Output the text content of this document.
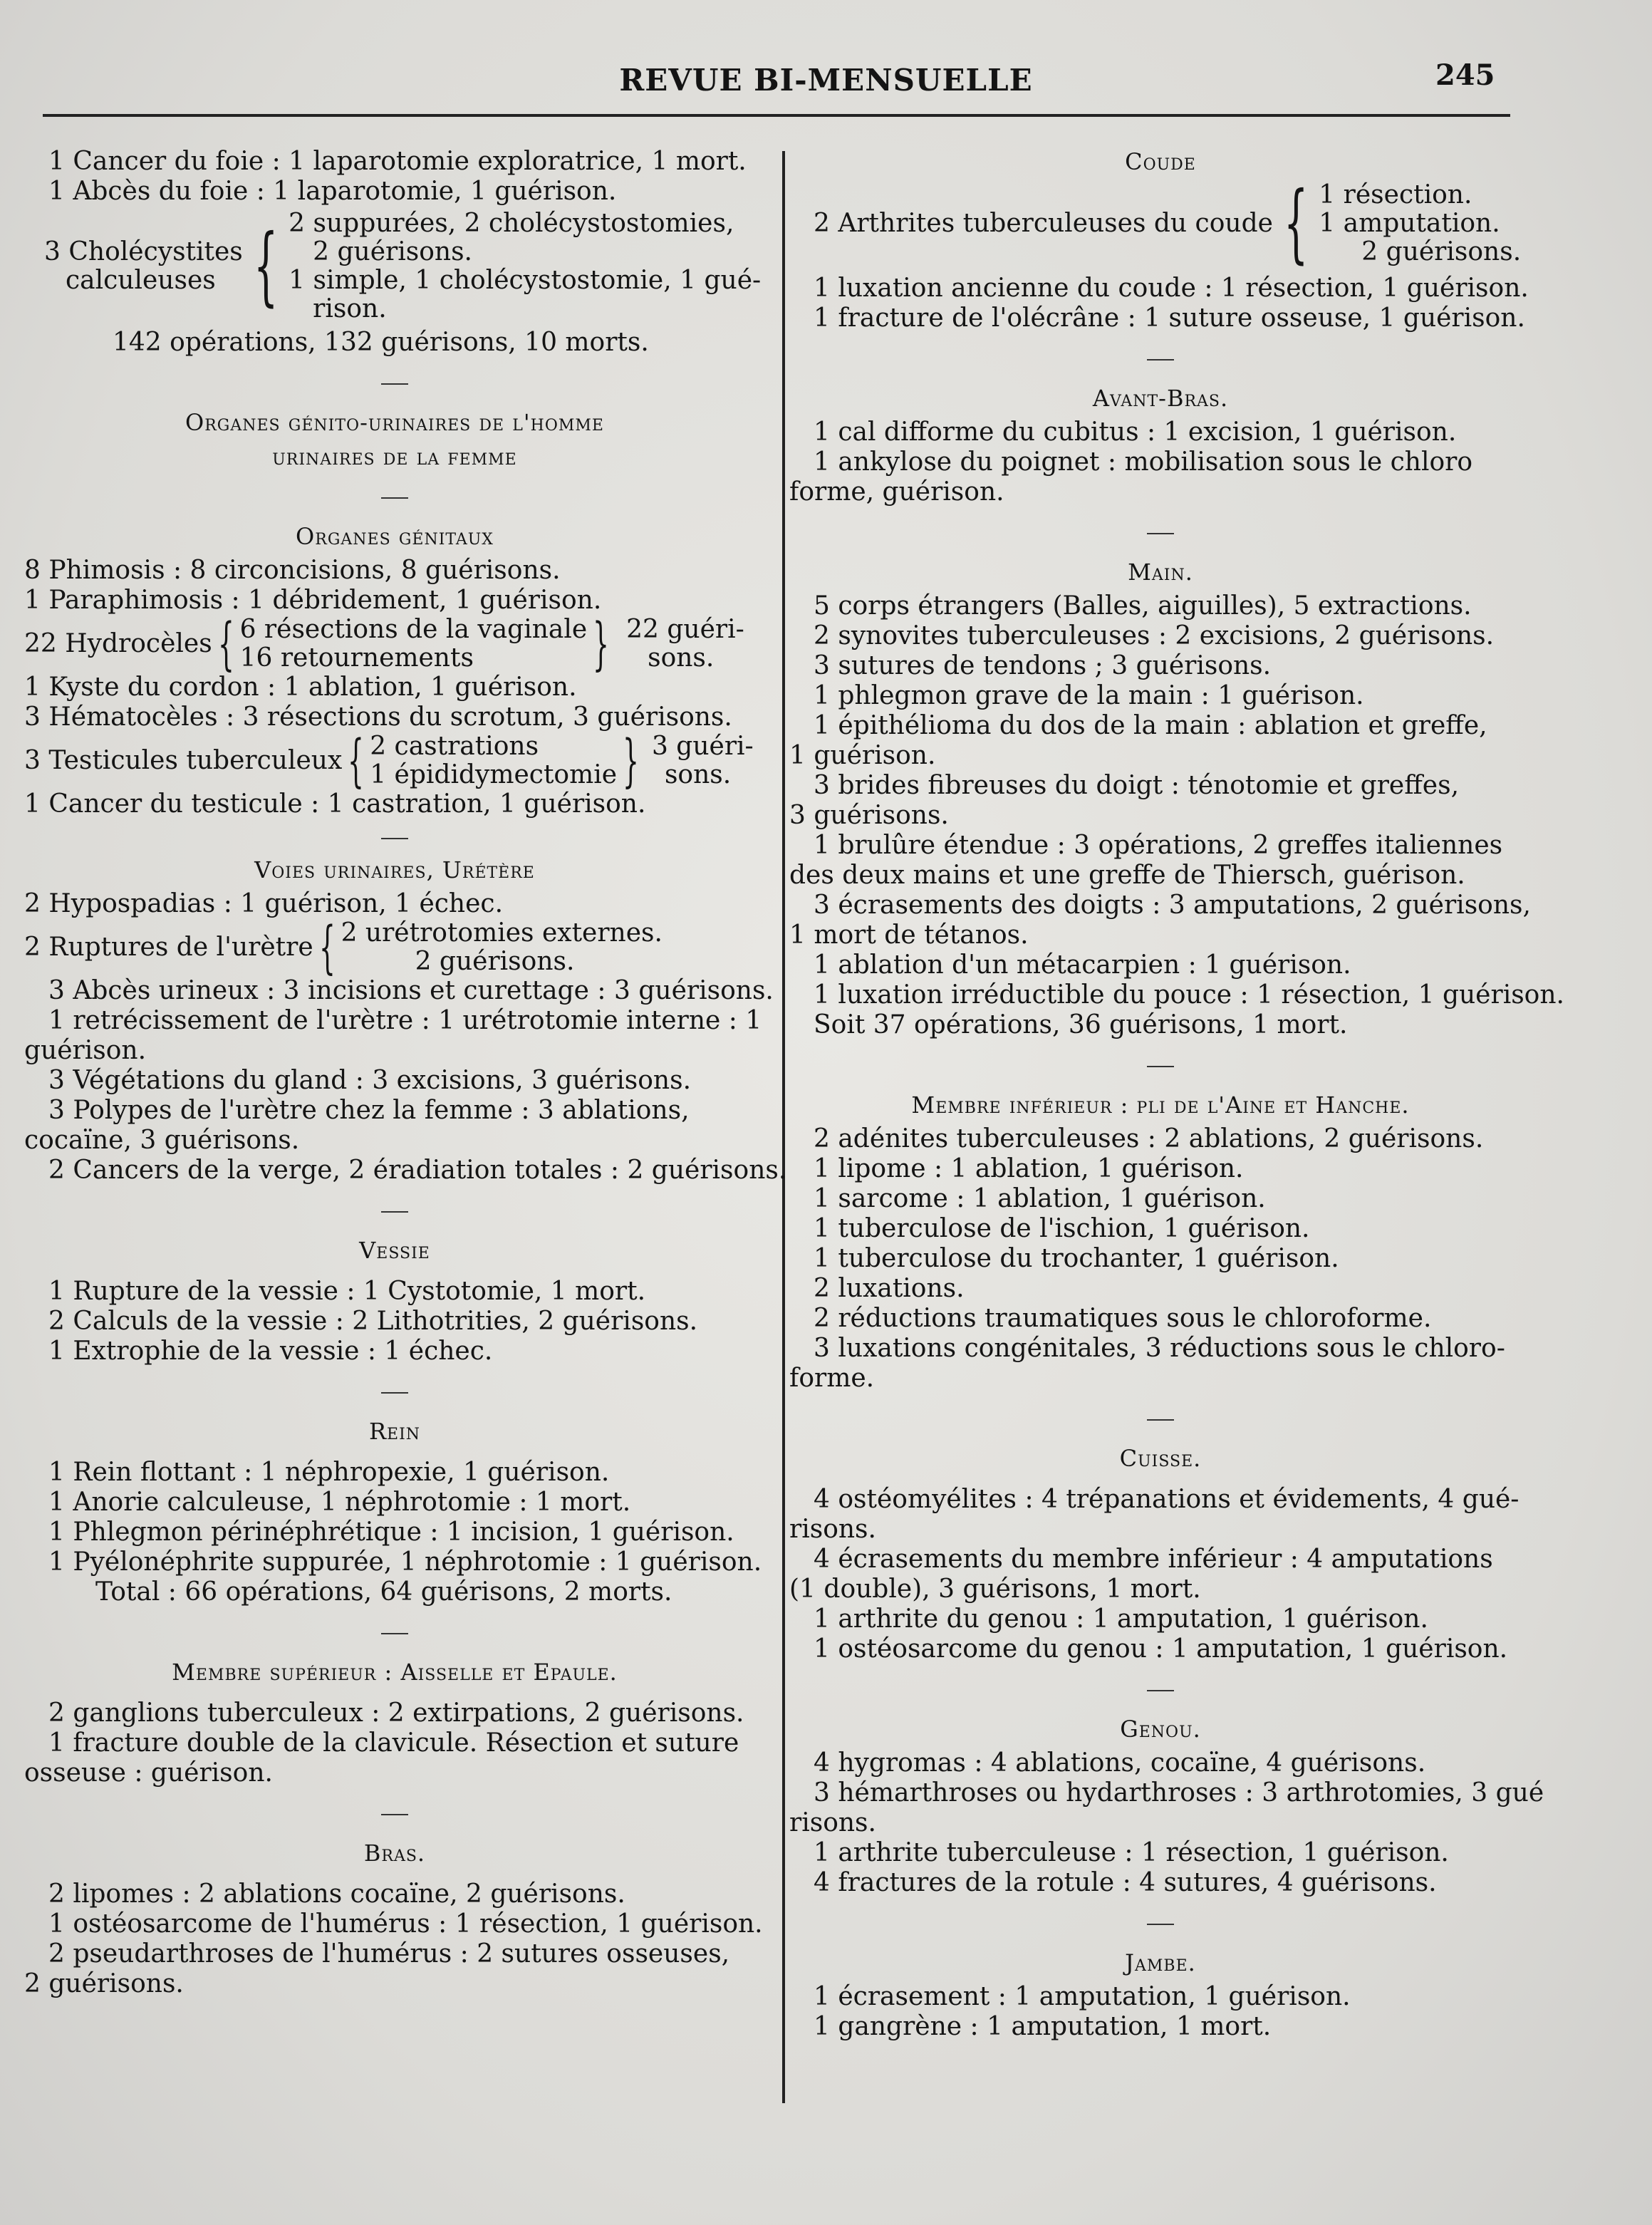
REVUE BI-MENSUELLE	245
1 Cancer du foie : 1 laparotomie exploratrice, 1 mort.
1 Abcès du foie : 1 laparotomie, 1 guérison.
3 Cholécystites
calculeuses { 2 suppurées, 2 cholécystostomies,
2 guérisons.
1 simple, 1 cholécystostomie, 1 gué-
rison.
142 opérations, 132 guérisons, 10 morts.
Organes génito-urinaires de l'homme
urinaires de la femme
Organes génitaux
8 Phimosis : 8 circoncisions, 8 guérisons.
1 Paraphimosis : 1 débridement, 1 guérison.
22 Hydrocèles { 6 résections de la vaginale
16 retournements	} 22 guéri-
sons.
1 Kyste du cordon : 1 ablation, 1 guérison.
3 Hématocèles : 3 résections du scrotum, 3 guérisons.
3 Testicules tuberculeux { 2 castrations
1 épididymectomie } 3 guéri-
sons.
1 Cancer du testicule : 1 castration, 1 guérison.
Voies urinaires, Urétère
2 Hypospadias : 1 guérison, 1 échec.
2 Ruptures de l'urètre { 2 urétrotomies externes.
2 guérisons.
3 Abcès urineux : 3 incisions et curettage : 3 guérisons.
1 retrécissement de l'urètre : 1 urétrotomie interne : 1
guérison.
3 Végétations du gland : 3 excisions, 3 guérisons.
3 Polypes de l'urètre chez la femme : 3 ablations,
cocaïne, 3 guérisons.
2 Cancers de la verge, 2 éradiation totales : 2 guérisons.
Vessie
1 Rupture de la vessie : 1 Cystotomie, 1 mort.
2 Calculs de la vessie : 2 Lithotrities, 2 guérisons.
1 Extrophie de la vessie : 1 échec.
Rein
1 Rein flottant : 1 néphropexie, 1 guérison.
1 Anorie calculeuse, 1 néphrotomie : 1 mort.
1 Phlegmon périnéphrétique : 1 incision, 1 guérison.
1 Pyélonéphrite suppurée, 1 néphrotomie : 1 guérison.
Total : 66 opérations, 64 guérisons, 2 morts.
Membre supérieur : Aisselle et Epaule.
2 ganglions tuberculeux : 2 extirpations, 2 guérisons.
1 fracture double de la clavicule. Résection et suture
osseuse : guérison.
Bras.
2 lipomes : 2 ablations cocaïne, 2 guérisons.
1 ostéosarcome de l'humérus : 1 résection, 1 guérison.
2 pseudarthroses de l'humérus : 2 sutures osseuses,
2 guérisons.
Coude
2 Arthrites tuberculeuses du coude { 1 résection.
1 amputation.
2 guérisons.
1 luxation ancienne du coude : 1 résection, 1 guérison.
1 fracture de l'olécrâne : 1 suture osseuse, 1 guérison.
Avant-Bras.
1 cal difforme du cubitus : 1 excision, 1 guérison.
1 ankylose du poignet : mobilisation sous le chloro
forme, guérison.
Main.
5 corps étrangers (Balles, aiguilles), 5 extractions.
2 synovites tuberculeuses : 2 excisions, 2 guérisons.
3 sutures de tendons ; 3 guérisons.
1 phlegmon grave de la main : 1 guérison.
1 épithélioma du dos de la main : ablation et greffe,
1 guérison.
3 brides fibreuses du doigt : ténotomie et greffes,
3 guérisons.
1 brulûre étendue : 3 opérations, 2 greffes italiennes
des deux mains et une greffe de Thiersch, guérison.
3 écrasements des doigts : 3 amputations, 2 guérisons,
1 mort de tétanos.
1 ablation d'un métacarpien : 1 guérison.
1 luxation irréductible du pouce : 1 résection, 1 guérison.
Soit 37 opérations, 36 guérisons, 1 mort.
Membre inférieur : pli de l'Aine et Hanche.
2 adénites tuberculeuses : 2 ablations, 2 guérisons.
1 lipome : 1 ablation, 1 guérison.
1 sarcome : 1 ablation, 1 guérison.
1 tuberculose de l'ischion, 1 guérison.
1 tuberculose du trochanter, 1 guérison.
2 luxations.
2 réductions traumatiques sous le chloroforme.
3 luxations congénitales, 3 réductions sous le chloro-
forme.
Cuisse.
4 ostéomyélites : 4 trépanations et évidements, 4 gué-
risons.
4 écrasements du membre inférieur : 4 amputations
(1 double), 3 guérisons, 1 mort.
1 arthrite du genou : 1 amputation, 1 guérison.
1 ostéosarcome du genou : 1 amputation, 1 guérison.
Genou.
4 hygromas : 4 ablations, cocaïne, 4 guérisons.
3 hémarthroses ou hydarthroses : 3 arthrotomies, 3 gué
risons.
1 arthrite tuberculeuse : 1 résection, 1 guérison.
4 fractures de la rotule : 4 sutures, 4 guérisons.
Jambe.
1 écrasement : 1 amputation, 1 guérison.
1 gangrène : 1 amputation, 1 mort.
